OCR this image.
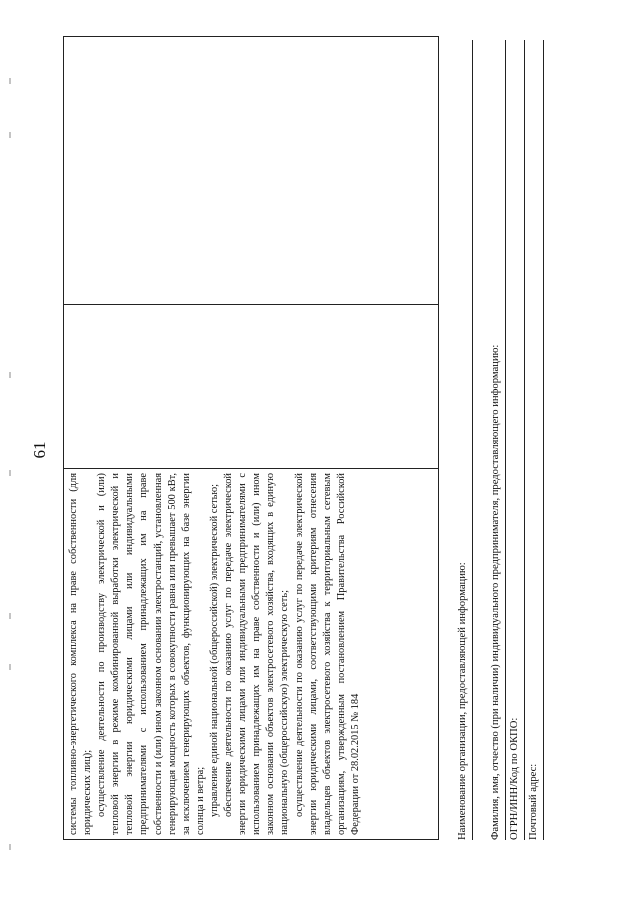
61

системы топливно-энергетического комплекса на праве собственности (для юридических лиц); осуществление деятельности по производству электрической и (или) тепловой энергии в режиме комбинированной выработки электрической и тепловой энергии юридическими лицами или индивидуальными предпринимателями с использованием принадлежащих им на праве собственности и (или) ином законном основании электростанций, установленная генерирующая мощность которых в совокупности равна или превышает 500 кВт, за исключением генерирующих объектов, функционирующих на базе энергии солнца и ветра; управление единой национальной (общероссийской) электрической сетью; обеспечение деятельности по оказанию услуг по передаче электрической энергии юридическими лицами или индивидуальными предпринимателями с использованием принадлежащих им на праве собственности и (или) ином законном основании объектов электросетевого хозяйства, входящих в единую национальную (общероссийскую) электрическую сеть; осуществление деятельности по оказанию услуг по передаче электрической энергии юридическими лицами, соответствующими критериям отнесения владельцев объектов электросетевого хозяйства к территориальным сетевым организациям, утвержденным постановлением Правительства Российской Федерации от 28.02.2015 № 184

			Наименование организации, предоставляющей информацию:	Фамилия, имя, отчество (при наличии) индивидуального предпринимателя, предоставляющего информацию: ОГРН/ИНН/Код по ОКПО: Почтовый адрес:
